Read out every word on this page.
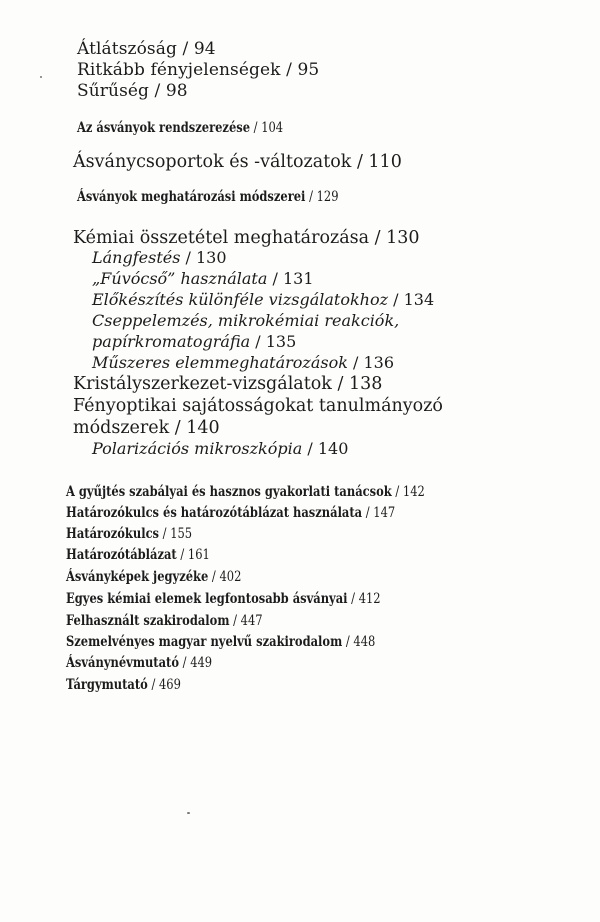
Átlátszóság / 94
Ritkább fényjelenségek / 95
Sűrűség / 98
Az ásványok rendszerezése / 104
Ásványcsoportok és -változatok / 110
Ásványok meghatározási módszerei / 129
Kémiai összetétel meghatározása / 130
Lángfestés / 130
„Fúvócső” használata / 131
Előkészítés különféle vizsgálatokhoz / 134
Cseppelemzés, mikrokémiai reakciók,
papírkromatográfia / 135
Műszeres elemmeghatározások / 136
Kristályszerkezet-vizsgálatok / 138
Fényoptikai sajátosságokat tanulmányozó
módszerek / 140
Polarizációs mikroszkópia / 140
A gyűjtés szabályai és hasznos gyakorlati tanácsok / 142
Határozókulcs és határozótáblázat használata / 147
Határozókulcs / 155
Határozótáblázat / 161
Ásványképek jegyzéke / 402
Egyes kémiai elemek legfontosabb ásványai / 412
Felhasznált szakirodalom / 447
Szemelvényes magyar nyelvű szakirodalom / 448
Ásványnévmutató / 449
Tárgymutató / 469
